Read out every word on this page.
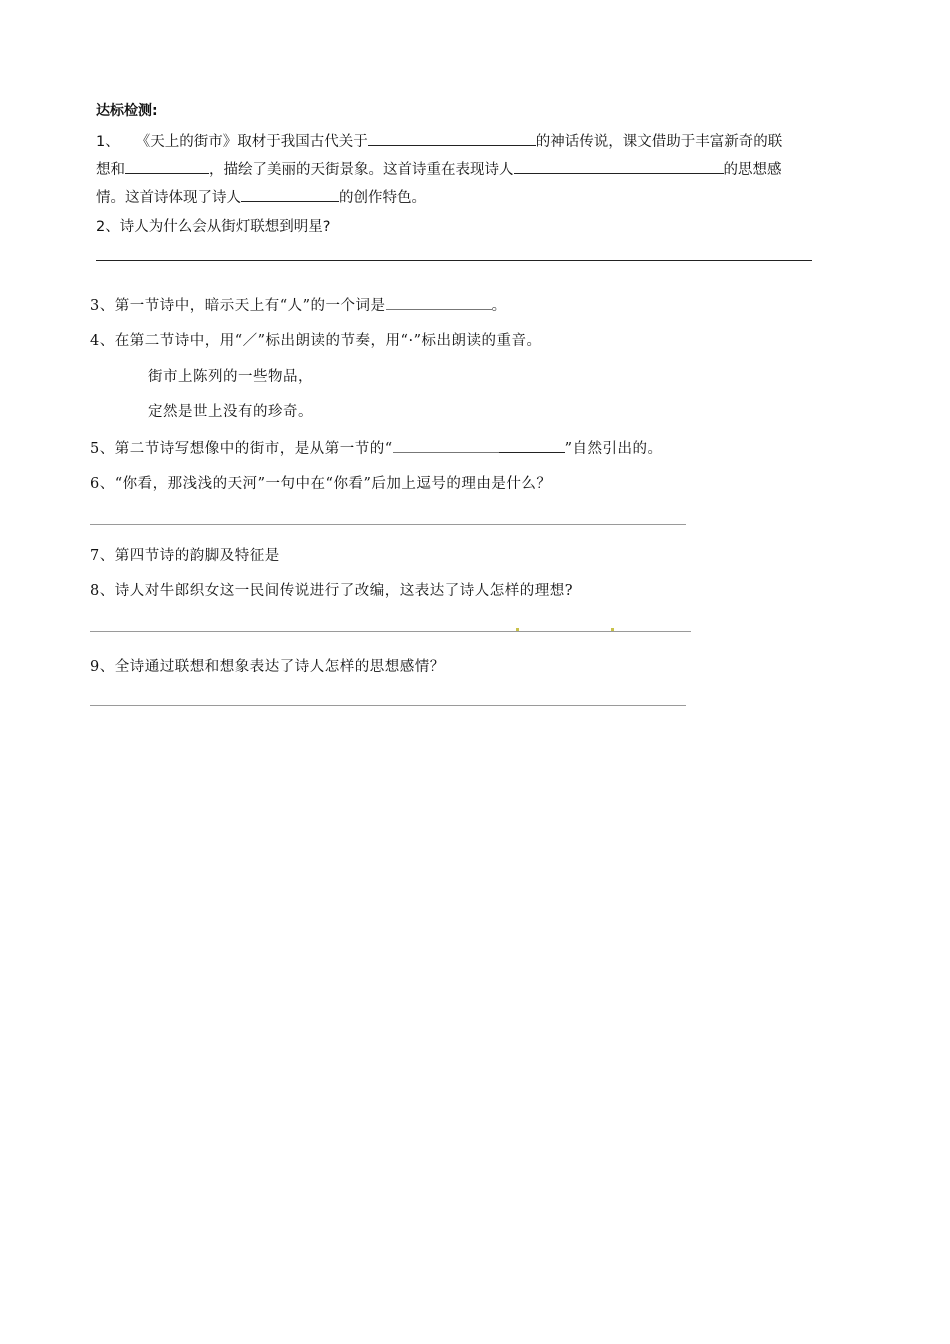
达标检测:
1、 《天上的街市》取材于我国古代关于	的神话传说，课文借助于丰富新奇的联
想和	，描绘了美丽的天街景象。这首诗重在表现诗人	的思想感
情。这首诗体现了诗人	的创作特色。
2、诗人为什么会从街灯联想到明星?
3、第一节诗中，暗示天上有“人”的一个词是	。
4、在第二节诗中，用“／”标出朗读的节奏，用“·”标出朗读的重音。
街市上陈列的一些物品，
定然是世上没有的珍奇。
5、第二节诗写想像中的街市，是从第一节的“	”自然引出的。
6、“你看，那浅浅的天河”一句中在“你看”后加上逗号的理由是什么？
7、第四节诗的韵脚及特征是
8、诗人对牛郎织女这一民间传说进行了改编，这表达了诗人怎样的理想?
9、全诗通过联想和想象表达了诗人怎样的思想感情？
